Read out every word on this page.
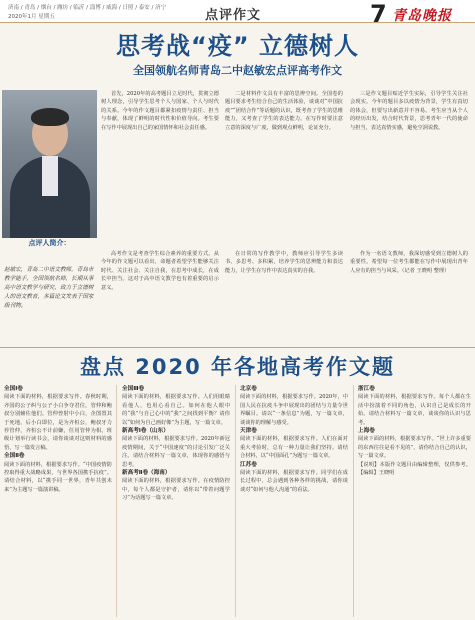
济南 / 青岛 / 烟台 / 潍坊 / 临沂 / 淄博 / 威海 / 日照 / 泰安 / 济宁
2020年1月 星期五	点评作文	7 青岛晚报
思考战“疫” 立德树人
全国领航名师青岛二中赵敏宏点评高考作文
点评人简介：
赵敏宏，青岛二中语文教师，青岛市教学能手，全国领航名师，长期从事高中语文教学与研究，致力于立德树人的语文教育，多篇论文发表于国家级刊物。

首先，2020年的高考题目立足时代，贯彻立德树人理念，引导学生思考个人与国家、个人与时代的关系。今年的作文题目都紧扣疫情与责任、担当与奉献，体现了鲜明的时代性和价值导向。考生要在写作中展现出自己的家国情怀和社会责任感。

二是材料作文具有丰富的思辨空间。全国卷的题目要求考生结合自己的生活体验，谈谈对“中国抗疫”“团结合作”等话题的认识，既考查了学生的思维能力，又考查了学生的表达能力。在写作时要注意立意的深度与广度，做到观点鲜明，论证充分。

三是作文题目贴近学生实际，引导学生关注社会现实。今年的题目多以疫情为背景，学生有真切的体会，但要写出新意并不容易。考生应当从个人的经历出发，结合时代背景，思考青年一代的使命与担当，表达真情实感，避免空洞说教。

高考作文是考查学生综合素养的重要方式。从今年的作文题可以看出，命题者希望学生能够关注时代、关注社会、关注自我，在思考中成长，在成长中担当。这对于高中语文教学也有着重要的启示意义。

在日常的写作教学中，教师应引导学生多读书、多思考、多积累，培养学生的思辨能力和表达能力，让学生在写作中表达真实的自我。

作为一名语文教师，我深切感受到立德树人的重要性。希望每一位考生都能在写作中展现出青年人应有的担当与风采。（记者 王晓明 整理）

盘点 2020 年各地高考作文题

全国Ⅰ卷

阅读下面的材料，根据要求写作。春秋时期，齐国的公子纠与公子小白争夺君位，管仲和鲍叔分别辅佐他们。管仲曾射中小白，企图置其于死地。后小白即位，是为齐桓公，鲍叔牙力荐管仲，齐桓公不计前嫌，任用管仲为相。班级计划举行读书会，请你谈谈对这则材料的感悟，写一篇发言稿。

全国Ⅱ卷

阅读下面的材料，根据要求写作。“中国疫情防控取得重大战略成果，与世界各国携手抗疫”。请结合材料，以“携手同一世界，青年共创未来”为主题写一篇演讲稿。

全国Ⅲ卷

阅读下面的材料，根据要求写作。人们用眼睛看他人，也用心看自己。如何在他人眼中的“我”与自己心中的“我”之间找到平衡？请你以“如何为自己画好像”为主题，写一篇文章。

新高考Ⅰ卷（山东）

阅读下面的材料，根据要求写作。2020年新冠疫情期间，关于“中国速度”的讨论引发广泛关注。请结合材料写一篇文章，体现你的感悟与思考。

新高考Ⅱ卷（海南）

阅读下面的材料，根据要求写作。在疫情防控中，每个人都是守护者，请你以“带着问题学习”为话题写一篇文章。

北京卷

阅读下面的材料，根据要求写作。2020年，中国人民在抗疫斗争中展现出的团结与力量令世界瞩目。请以“一条信息”为题，写一篇文章，谈谈你的理解与感受。

天津卷

阅读下面的材料，根据要求写作。人们在面对重大考验时，总有一种力量让我们坚持。请结合材料，以“中国面孔”为题写一篇文章。

江苏卷

阅读下面的材料，根据要求写作。同学们在成长过程中，总会遇到各种各样的挑战，请你谈谈对“如何与他人沟通”的看法。

浙江卷

阅读下面的材料，根据要求写作。每个人都在生活中扮演着不同的角色，认识自己是成长的开始。请结合材料写一篇文章，谈谈你的认识与思考。

上海卷

阅读下面的材料，根据要求写作。“世上许多重要的东西往往是看不见的”，请你结合自己的认识，写一篇文章。

【说明】本版作文题目由编辑整理，仅供参考。【编辑】王晓明
